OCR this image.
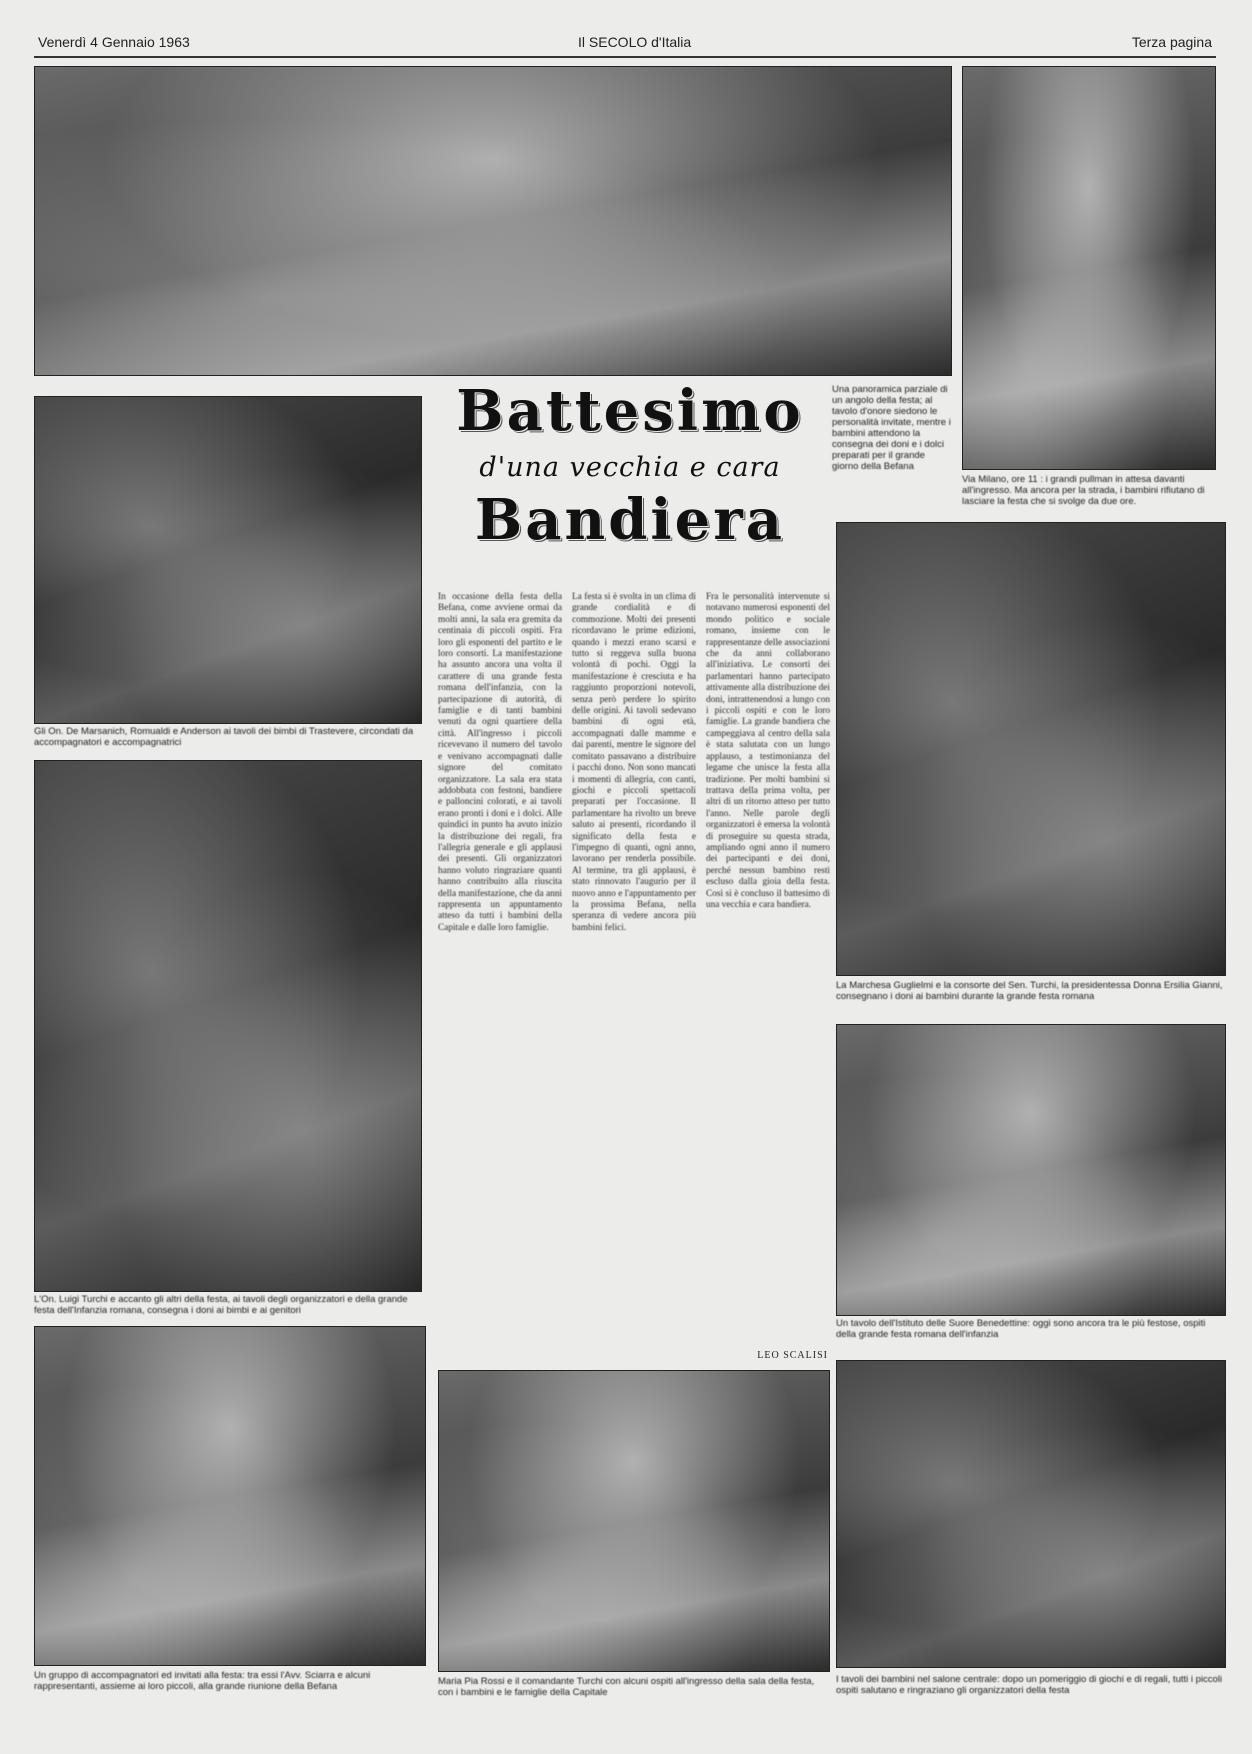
Venerdì 4 Gennaio 1963	Il SECOLO d'Italia	Terza pagina
Gli On. De Marsanich, Romualdi e Anderson ai tavoli dei bimbi di Trastevere, circondati da accompagnatori e accompagnatrici
L'On. Luigi Turchi e accanto gli altri della festa, ai tavoli degli organizzatori e della grande festa dell'Infanzia romana, consegna i doni ai bimbi e ai genitori
Un gruppo di accompagnatori ed invitati alla festa: tra essi l'Avv. Sciarra e alcuni rappresentanti, assieme ai loro piccoli, alla grande riunione della Befana
Battesimo
d'una vecchia e cara
Bandiera
Una panoramica parziale di un angolo della festa; al tavolo d'onore siedono le personalità invitate, mentre i bambini attendono la consegna dei doni e i dolci preparati per il grande giorno della Befana
Via Milano, ore 11 : i grandi pullman in attesa davanti all'ingresso. Ma ancora per la strada, i bambini rifiutano di lasciare la festa che si svolge da due ore.
In occasione della festa della Befana, come avviene ormai da molti anni, la sala era gremita da centinaia di piccoli ospiti. Fra loro gli esponenti del partito e le loro consorti. La manifestazione ha assunto ancora una volta il carattere di una grande festa romana dell'infanzia, con la partecipazione di autorità, di famiglie e di tanti bambini venuti da ogni quartiere della città. All'ingresso i piccoli ricevevano il numero del tavolo e venivano accompagnati dalle signore del comitato organizzatore. La sala era stata addobbata con festoni, bandiere e palloncini colorati, e ai tavoli erano pronti i doni e i dolci. Alle quindici in punto ha avuto inizio la distribuzione dei regali, fra l'allegria generale e gli applausi dei presenti. Gli organizzatori hanno voluto ringraziare quanti hanno contribuito alla riuscita della manifestazione, che da anni rappresenta un appuntamento atteso da tutti i bambini della Capitale e dalle loro famiglie.
La festa si è svolta in un clima di grande cordialità e di commozione. Molti dei presenti ricordavano le prime edizioni, quando i mezzi erano scarsi e tutto si reggeva sulla buona volontà di pochi. Oggi la manifestazione è cresciuta e ha raggiunto proporzioni notevoli, senza però perdere lo spirito delle origini. Ai tavoli sedevano bambini di ogni età, accompagnati dalle mamme e dai parenti, mentre le signore del comitato passavano a distribuire i pacchi dono. Non sono mancati i momenti di allegria, con canti, giochi e piccoli spettacoli preparati per l'occasione. Il parlamentare ha rivolto un breve saluto ai presenti, ricordando il significato della festa e l'impegno di quanti, ogni anno, lavorano per renderla possibile. Al termine, tra gli applausi, è stato rinnovato l'augurio per il nuovo anno e l'appuntamento per la prossima Befana, nella speranza di vedere ancora più bambini felici.
Fra le personalità intervenute si notavano numerosi esponenti del mondo politico e sociale romano, insieme con le rappresentanze delle associazioni che da anni collaborano all'iniziativa. Le consorti dei parlamentari hanno partecipato attivamente alla distribuzione dei doni, intrattenendosi a lungo con i piccoli ospiti e con le loro famiglie. La grande bandiera che campeggiava al centro della sala è stata salutata con un lungo applauso, a testimonianza del legame che unisce la festa alla tradizione. Per molti bambini si trattava della prima volta, per altri di un ritorno atteso per tutto l'anno. Nelle parole degli organizzatori è emersa la volontà di proseguire su questa strada, ampliando ogni anno il numero dei partecipanti e dei doni, perché nessun bambino resti escluso dalla gioia della festa. Così si è concluso il battesimo di una vecchia e cara bandiera.
LEO SCALISI
La Marchesa Guglielmi e la consorte del Sen. Turchi, la presidentessa Donna Ersilia Gianni, consegnano i doni ai bambini durante la grande festa romana
Un tavolo dell'Istituto delle Suore Benedettine: oggi sono ancora tra le più festose, ospiti della grande festa romana dell'infanzia
Maria Pia Rossi e il comandante Turchi con alcuni ospiti all'ingresso della sala della festa, con i bambini e le famiglie della Capitale
I tavoli dei bambini nel salone centrale: dopo un pomeriggio di giochi e di regali, tutti i piccoli ospiti salutano e ringraziano gli organizzatori della festa
